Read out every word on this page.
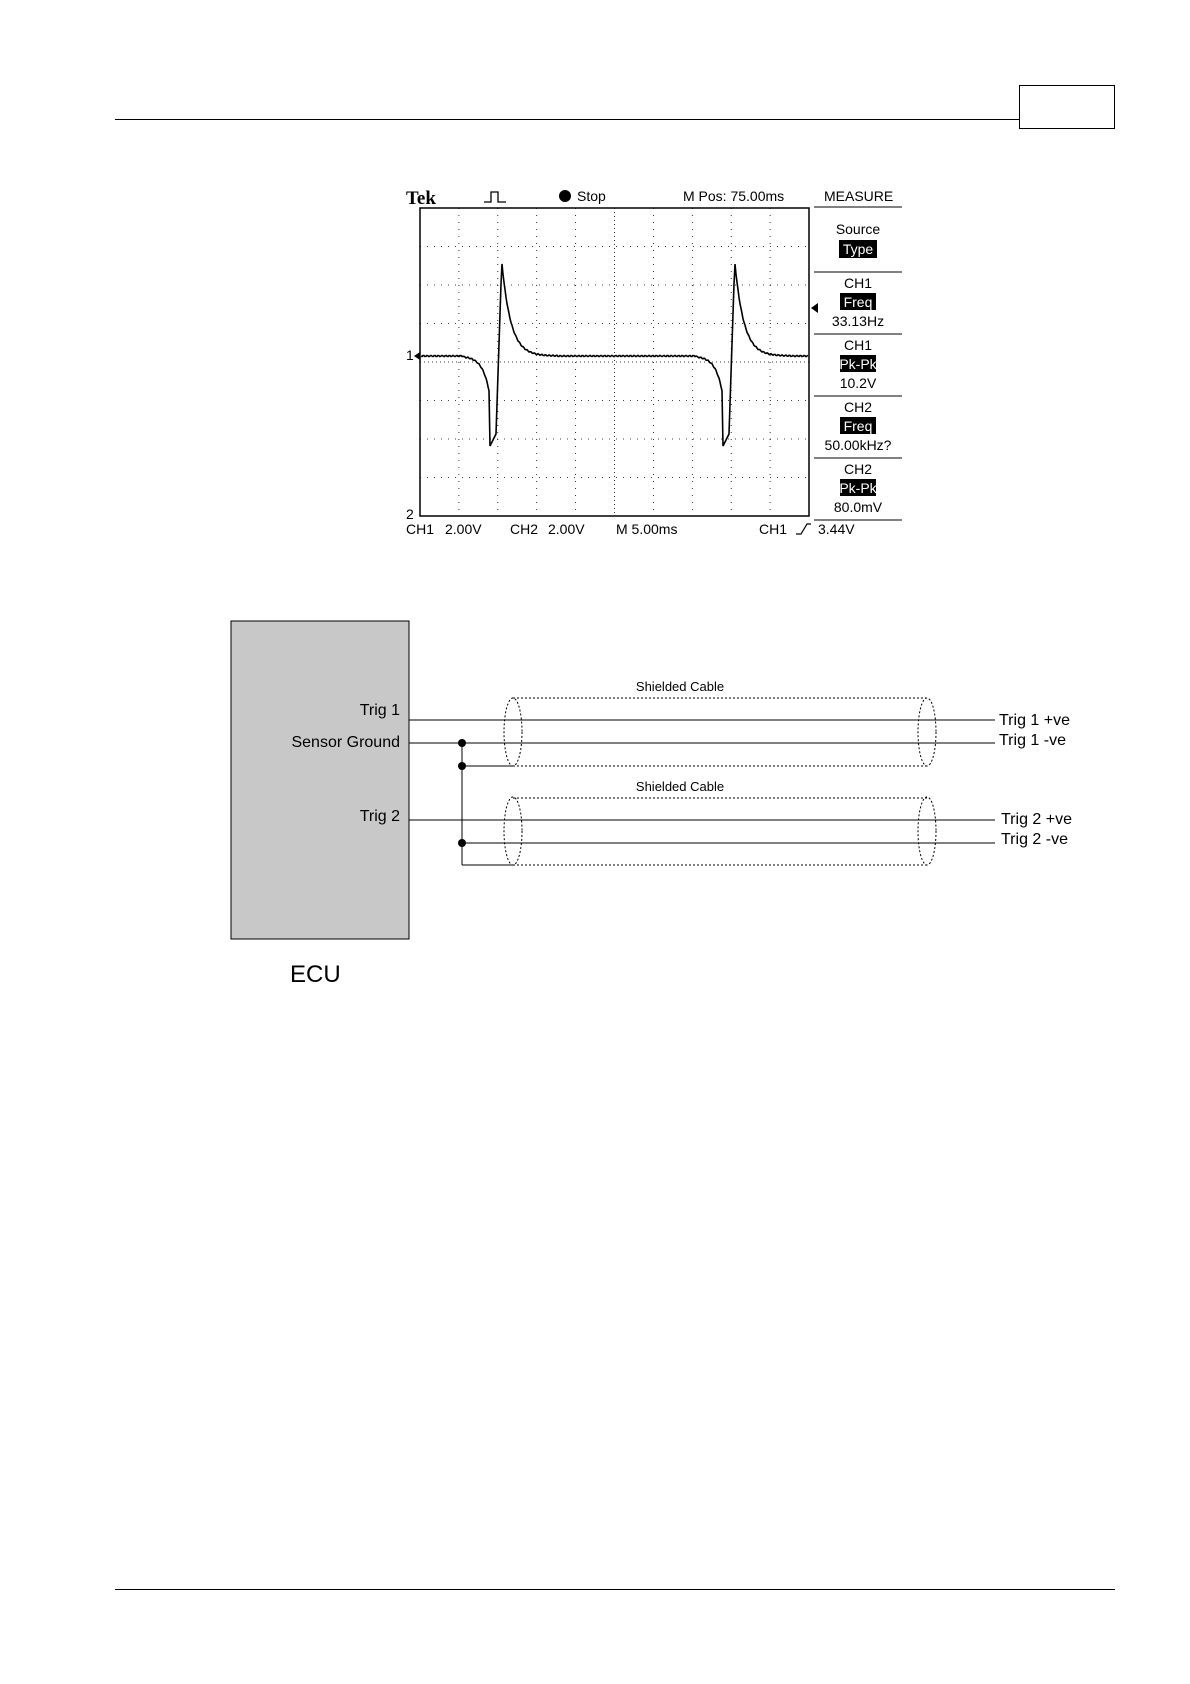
Tek	Stop	M Pos: 75.00ms	MEASURE
1
2
Source
Type
CH1
Freq
33.13Hz
CH1
Pk-Pk
10.2V
CH2
Freq
50.00kHz?
CH2
Pk-Pk
80.0mV
CH1 2.00V CH2 2.00V M 5.00ms	CH1 3.44V
ECU
Trig 1
Sensor Ground
Trig 2
Shielded Cable
Shielded Cable
Trig 1 +ve
Trig 1 -ve
Trig 2 +ve
Trig 2 -ve
